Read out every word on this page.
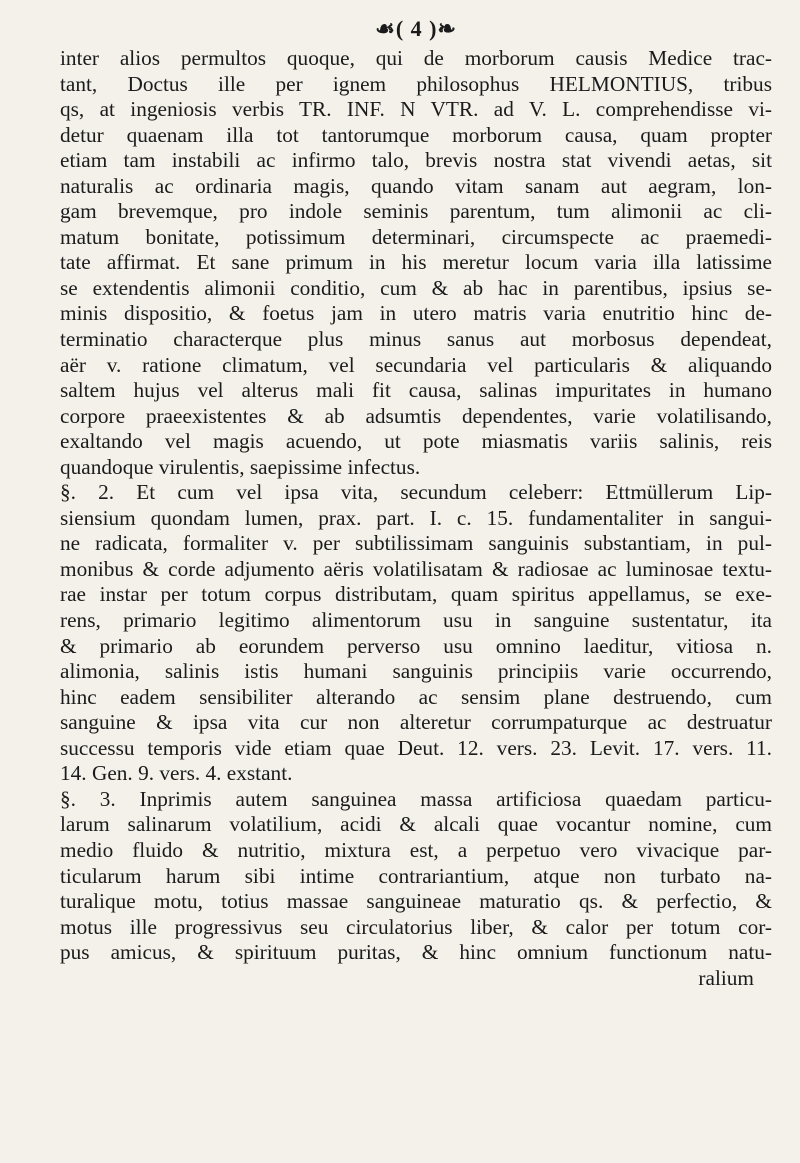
☙( 4 )❧
inter alios permultos quoque, qui de morborum causis Medice trac-
tant, Doctus ille per ignem philosophus HELMONTIUS, tribus
qs, at ingeniosis verbis TR. INF. N VTR. ad V. L. comprehendisse vi-
detur quaenam illa tot tantorumque morborum causa, quam propter
etiam tam instabili ac infirmo talo, brevis nostra stat vivendi aetas, sit
naturalis ac ordinaria magis, quando vitam sanam aut aegram, lon-
gam brevemque, pro indole seminis parentum, tum alimonii ac cli-
matum bonitate, potissimum determinari, circumspecte ac praemedi-
tate affirmat. Et sane primum in his meretur locum varia illa latissime
se extendentis alimonii conditio, cum & ab hac in parentibus, ipsius se-
minis dispositio, & foetus jam in utero matris varia enutritio hinc de-
terminatio characterque plus minus sanus aut morbosus dependeat,
aër v. ratione climatum, vel secundaria vel particularis & aliquando
saltem hujus vel alterus mali fit causa, salinas impuritates in humano
corpore praeexistentes & ab adsumtis dependentes, varie volatilisando,
exaltando vel magis acuendo, ut pote miasmatis variis salinis, reis
quandoque virulentis, saepissime infectus.
§. 2. Et cum vel ipsa vita, secundum celeberr: Ettmüllerum Lip-
siensium quondam lumen, prax. part. I. c. 15. fundamentaliter in sangui-
ne radicata, formaliter v. per subtilissimam sanguinis substantiam, in pul-
monibus & corde adjumento aëris volatilisatam & radiosae ac luminosae textu-
rae instar per totum corpus distributam, quam spiritus appellamus, se exe-
rens, primario legitimo alimentorum usu in sanguine sustentatur, ita
& primario ab eorundem perverso usu omnino laeditur, vitiosa n.
alimonia, salinis istis humani sanguinis principiis varie occurrendo,
hinc eadem sensibiliter alterando ac sensim plane destruendo, cum
sanguine & ipsa vita cur non alteretur corrumpaturque ac destruatur
successu temporis vide etiam quae Deut. 12. vers. 23. Levit. 17. vers. 11.
14. Gen. 9. vers. 4. exstant.
§. 3. Inprimis autem sanguinea massa artificiosa quaedam particu-
larum salinarum volatilium, acidi & alcali quae vocantur nomine, cum
medio fluido & nutritio, mixtura est, a perpetuo vero vivacique par-
ticularum harum sibi intime contrariantium, atque non turbato na-
turalique motu, totius massae sanguineae maturatio qs. & perfectio, &
motus ille progressivus seu circulatorius liber, & calor per totum cor-
pus amicus, & spirituum puritas, & hinc omnium functionum natu-
ralium
